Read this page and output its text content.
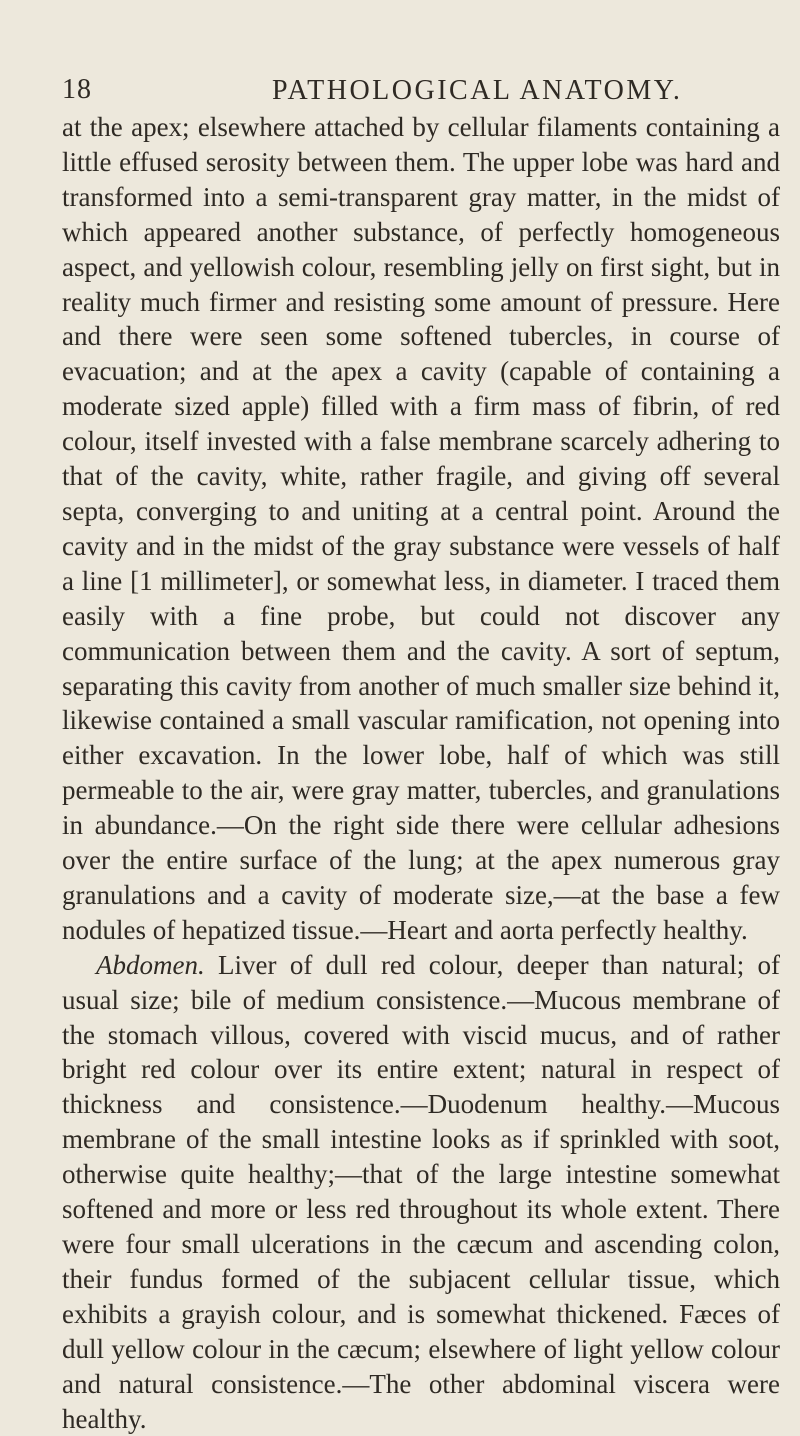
18	PATHOLOGICAL ANATOMY.

at the apex; elsewhere attached by cellular filaments containing a little effused serosity between them. The upper lobe was hard and transformed into a semi-transparent gray matter, in the midst of which appeared another substance, of perfectly homogeneous aspect, and yellowish colour, resembling jelly on first sight, but in reality much firmer and resisting some amount of pressure. Here and there were seen some softened tubercles, in course of evacuation; and at the apex a cavity (capable of containing a moderate sized apple) filled with a firm mass of fibrin, of red colour, itself invested with a false membrane scarcely adhering to that of the cavity, white, rather fragile, and giving off several septa, converging to and uniting at a central point. Around the cavity and in the midst of the gray substance were vessels of half a line [1 millimeter], or somewhat less, in diameter. I traced them easily with a fine probe, but could not discover any communication between them and the cavity. A sort of septum, separating this cavity from another of much smaller size behind it, likewise contained a small vascular ramification, not opening into either excavation. In the lower lobe, half of which was still permeable to the air, were gray matter, tubercles, and granulations in abundance.—On the right side there were cellular adhesions over the entire surface of the lung; at the apex numerous gray granulations and a cavity of moderate size,—at the base a few nodules of hepatized tissue.—Heart and aorta perfectly healthy.

Abdomen. Liver of dull red colour, deeper than natural; of usual size; bile of medium consistence.—Mucous membrane of the stomach villous, covered with viscid mucus, and of rather bright red colour over its entire extent; natural in respect of thickness and consistence.—Duodenum healthy.—Mucous membrane of the small intestine looks as if sprinkled with soot, otherwise quite healthy;—that of the large intestine somewhat softened and more or less red throughout its whole extent. There were four small ulcerations in the cæcum and ascending colon, their fundus formed of the subjacent cellular tissue, which exhibits a grayish colour, and is somewhat thickened. Fæces of dull yellow colour in the cæcum; elsewhere of light yellow colour and natural consistence.—The other abdominal viscera were healthy.
